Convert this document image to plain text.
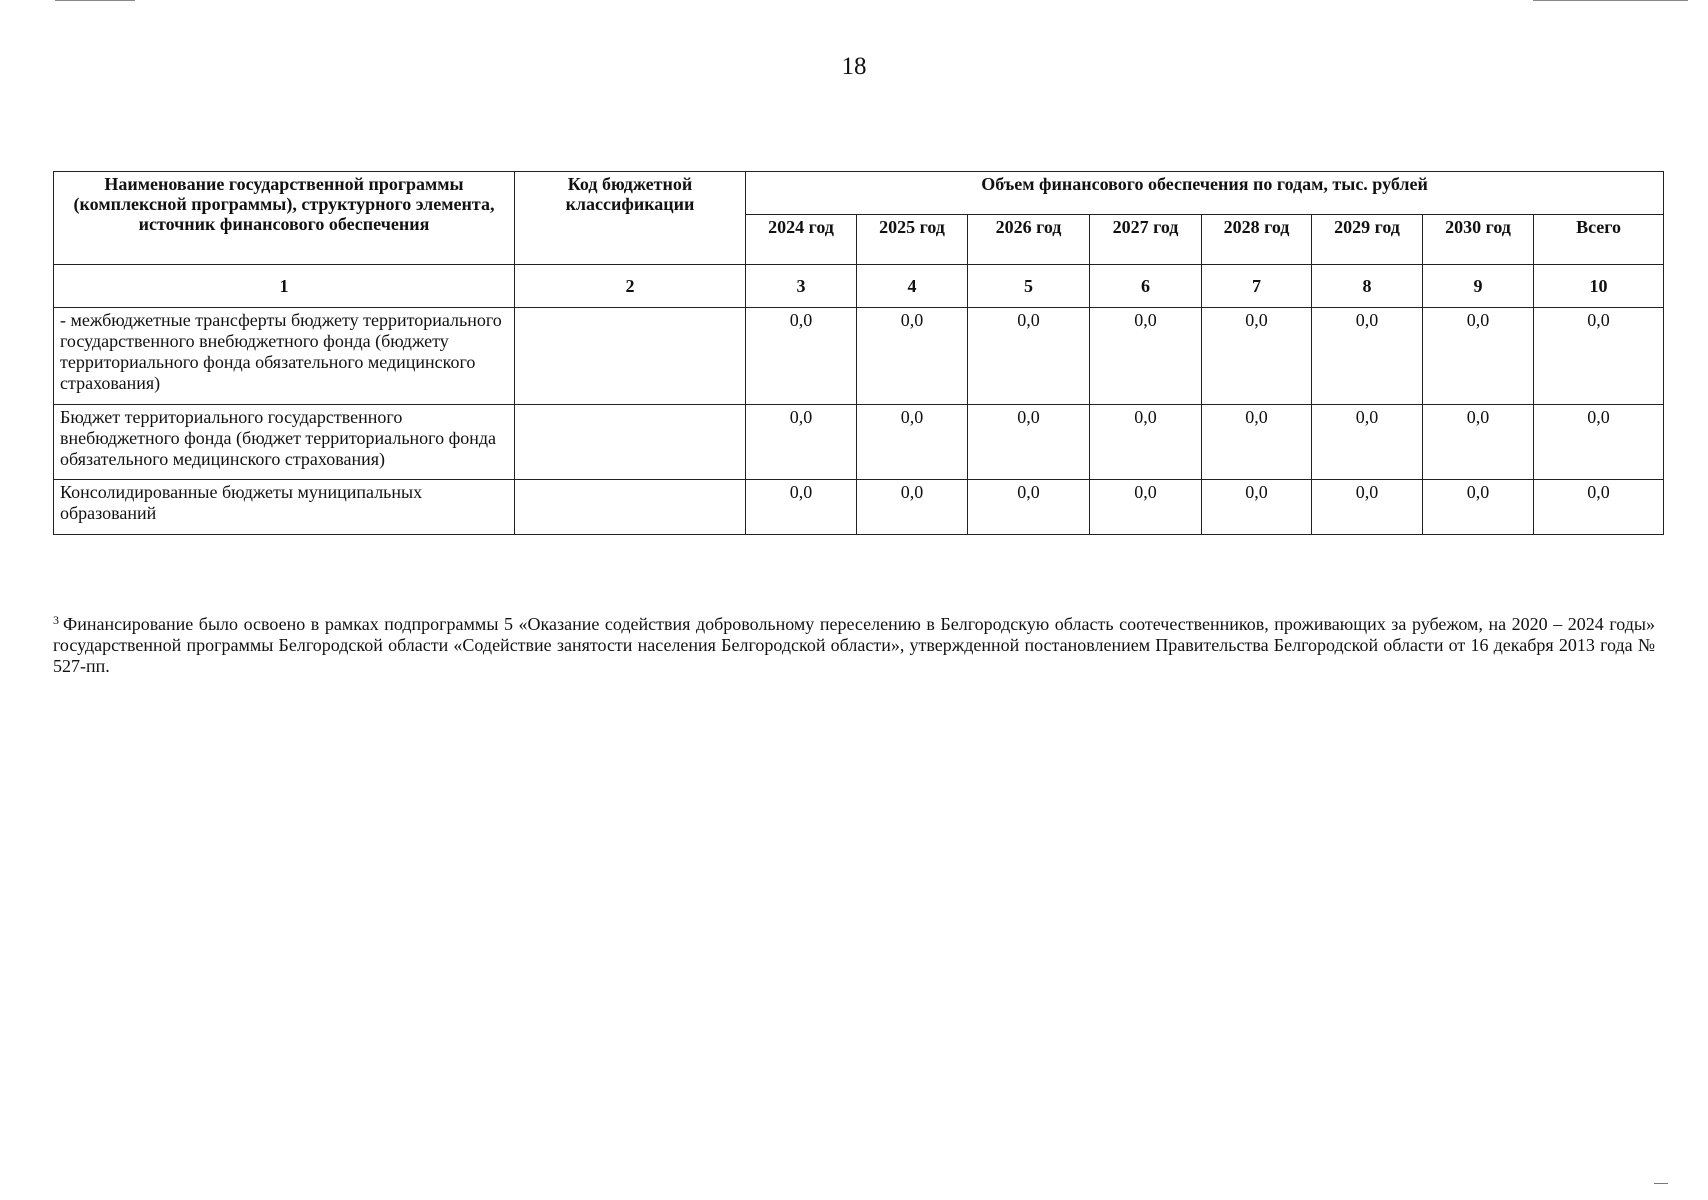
18
Наименование государственной программы (комплексной программы), структурного элемента, источник финансового обеспечения	Код бюджетной классификации	Объем финансового обеспечения по годам, тыс. рублей							
		2024 год	2025 год	2026 год	2027 год	2028 год	2029 год	2030 год	Всего
1	2	3	4	5	6	7	8	9	10
- межбюджетные трансферты бюджету территориального государственного внебюджетного фонда (бюджету территориального фонда обязательного медицинского страхования)		0,0	0,0	0,0	0,0	0,0	0,0	0,0	0,0
Бюджет территориального государственного внебюджетного фонда (бюджет территориального фонда обязательного медицинского страхования)		0,0	0,0	0,0	0,0	0,0	0,0	0,0	0,0
Консолидированные бюджеты муниципальных образований		0,0	0,0	0,0	0,0	0,0	0,0	0,0	0,0
$^3$ Финансирование было освоено в рамках подпрограммы 5 «Оказание содействия добровольному переселению в Белгородскую область соотечественников, проживающих за рубежом, на 2020 – 2024 годы» государственной программы Белгородской области «Содействие занятости населения Белгородской области», утвержденной постановлением Правительства Белгородской области от 16 декабря 2013 года № 527-пп.
